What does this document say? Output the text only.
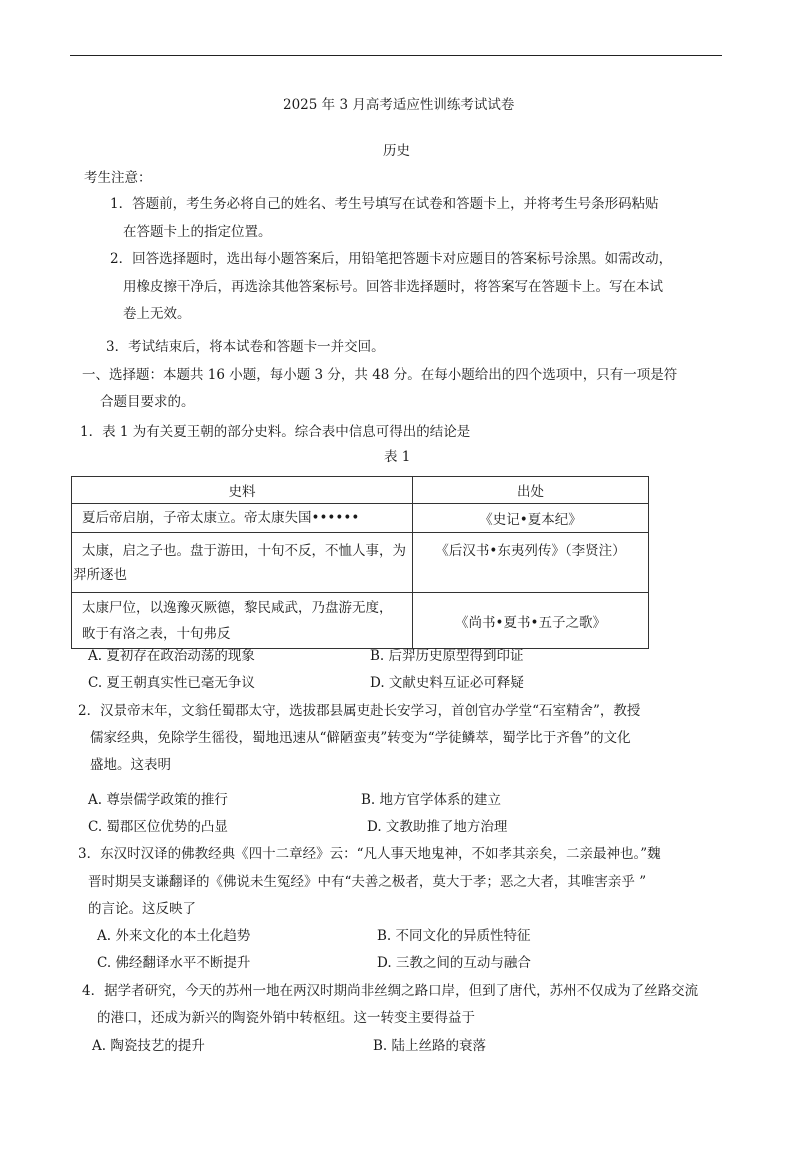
2025 年 3 月高考适应性训练考试试卷
历史
考生注意：
1．答题前，考生务必将自己的姓名、考生号填写在试卷和答题卡上，并将考生号条形码粘贴
在答题卡上的指定位置。
2．回答选择题时，选出每小题答案后，用铅笔把答题卡对应题目的答案标号涂黑。如需改动，
用橡皮擦干净后，再选涂其他答案标号。回答非选择题时，将答案写在答题卡上。写在本试
卷上无效。
3．考试结束后，将本试卷和答题卡一并交回。
一、选择题：本题共 16 小题，每小题 3 分，共 48 分。在每小题给出的四个选项中，只有一项是符
合题目要求的。
1．表 1 为有关夏王朝的部分史料。综合表中信息可得出的结论是
表 1
史料	出处

夏后帝启崩，子帝太康立。帝太康失国••••••	《史记•夏本纪》

太康，启之子也。盘于游田，十旬不反，不恤人事，为
羿所逐也	《后汉书•东夷列传》（李贤注）

太康尸位，以逸豫灭厥德，黎民咸武，乃盘游无度，
畋于有洛之表，十旬弗反	《尚书•夏书•五子之歌》
A. 夏初存在政治动荡的现象	B. 后羿历史原型得到印证
C. 夏王朝真实性已毫无争议	D. 文献史料互证必可释疑
2．汉景帝末年，文翁任蜀郡太守，选拔郡县属吏赴长安学习，首创官办学堂“石室精舍”，教授
儒家经典，免除学生徭役，蜀地迅速从“僻陋蛮夷”转变为“学徒鳞萃，蜀学比于齐鲁”的文化
盛地。这表明
A. 尊崇儒学政策的推行	B. 地方官学体系的建立
C. 蜀郡区位优势的凸显	D. 文教助推了地方治理
3．东汉时汉译的佛教经典《四十二章经》云：“凡人事天地鬼神，不如孝其亲矣，二亲最神也。”魏
晋时期吴支谦翻译的《佛说未生冤经》中有“夫善之极者，莫大于孝；恶之大者，其唯害亲乎 ”
的言论。这反映了
A. 外来文化的本土化趋势	B. 不同文化的异质性特征
C. 佛经翻译水平不断提升	D. 三教之间的互动与融合
4．据学者研究，今天的苏州一地在两汉时期尚非丝绸之路口岸，但到了唐代，苏州不仅成为了丝路交流
的港口，还成为新兴的陶瓷外销中转枢纽。这一转变主要得益于
A. 陶瓷技艺的提升	B. 陆上丝路的衰落
